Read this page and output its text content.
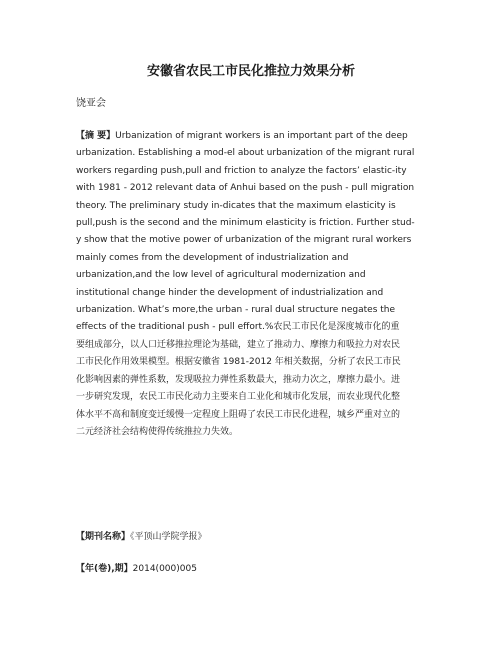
安徽省农民工市民化推拉力效果分析
饶亚会
【摘 要】Urbanization of migrant workers is an important part of the deep
urbanization. Establishing a mod-el about urbanization of the migrant rural
workers regarding push,pull and friction to analyze the factors’ elastic-ity
with 1981 - 2012 relevant data of Anhui based on the push - pull migration
theory. The preliminary study in-dicates that the maximum elasticity is
pull,push is the second and the minimum elasticity is friction. Further stud-
y show that the motive power of urbanization of the migrant rural workers
mainly comes from the development of industrialization and
urbanization,and the low level of agricultural modernization and
institutional change hinder the development of industrialization and
urbanization. What’s more,the urban - rural dual structure negates the
effects of the traditional push - pull effort.%农民工市民化是深度城市化的重
要组成部分，以人口迁移推拉理论为基础，建立了推动力、摩擦力和吸拉力对农民
工市民化作用效果模型。根据安徽省 1981-2012 年相关数据，分析了农民工市民
化影响因素的弹性系数，发现吸拉力弹性系数最大，推动力次之，摩擦力最小。进
一步研究发现，农民工市民化动力主要来自工业化和城市化发展，而农业现代化整
体水平不高和制度变迁缓慢一定程度上阻碍了农民工市民化进程，城乡严重对立的
二元经济社会结构使得传统推拉力失效。
【期刊名称】《平顶山学院学报》
【年(卷),期】2014(000)005
